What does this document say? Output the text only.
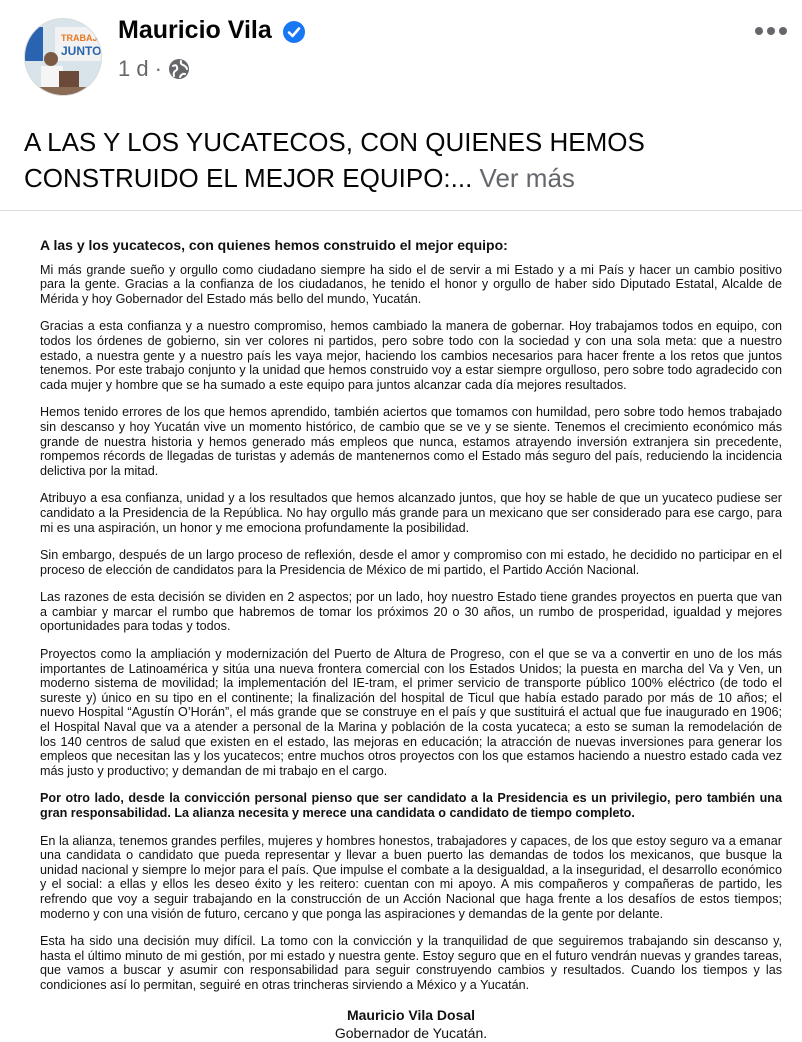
TRABAJ
JUNTO
Mauricio Vila
1 d ·
A LAS Y LOS YUCATECOS, CON QUIENES HEMOS CONSTRUIDO EL MEJOR EQUIPO:... Ver más
A las y los yucatecos, con quienes hemos construido el mejor equipo:

Mi más grande sueño y orgullo como ciudadano siempre ha sido el de servir a mi Estado y a mi País y hacer un cambio positivo para la gente. Gracias a la confianza de los ciudadanos, he tenido el honor y orgullo de haber sido Diputado Estatal, Alcalde de Mérida y hoy Gobernador del Estado más bello del mundo, Yucatán.

Gracias a esta confianza y a nuestro compromiso, hemos cambiado la manera de gobernar. Hoy trabajamos todos en equipo, con todos los órdenes de gobierno, sin ver colores ni partidos, pero sobre todo con la sociedad y con una sola meta: que a nuestro estado, a nuestra gente y a nuestro país les vaya mejor, haciendo los cambios necesarios para hacer frente a los retos que juntos tenemos. Por este trabajo conjunto y la unidad que hemos construido voy a estar siempre orgulloso, pero sobre todo agradecido con cada mujer y hombre que se ha sumado a este equipo para juntos alcanzar cada día mejores resultados.

Hemos tenido errores de los que hemos aprendido, también aciertos que tomamos con humildad, pero sobre todo hemos trabajado sin descanso y hoy Yucatán vive un momento histórico, de cambio que se ve y se siente. Tenemos el crecimiento económico más grande de nuestra historia y hemos generado más empleos que nunca, estamos atrayendo inversión extranjera sin precedente, rompemos récords de llegadas de turistas y además de mantenernos como el Estado más seguro del país, reduciendo la incidencia delictiva por la mitad.

Atribuyo a esa confianza, unidad y a los resultados que hemos alcanzado juntos, que hoy se hable de que un yucateco pudiese ser candidato a la Presidencia de la República. No hay orgullo más grande para un mexicano que ser considerado para ese cargo, para mi es una aspiración, un honor y me emociona profundamente la posibilidad.

Sin embargo, después de un largo proceso de reflexión, desde el amor y compromiso con mi estado, he decidido no participar en el proceso de elección de candidatos para la Presidencia de México de mi partido, el Partido Acción Nacional.

Las razones de esta decisión se dividen en 2 aspectos; por un lado, hoy nuestro Estado tiene grandes proyectos en puerta que van a cambiar y marcar el rumbo que habremos de tomar los próximos 20 o 30 años, un rumbo de prosperidad, igualdad y mejores oportunidades para todas y todos.

Proyectos como la ampliación y modernización del Puerto de Altura de Progreso, con el que se va a convertir en uno de los más importantes de Latinoamérica y sitúa una nueva frontera comercial con los Estados Unidos; la puesta en marcha del Va y Ven, un moderno sistema de movilidad; la implementación del IE-tram, el primer servicio de transporte público 100% eléctrico (de todo el sureste y) único en su tipo en el continente; la finalización del hospital de Ticul que había estado parado por más de 10 años; el nuevo Hospital “Agustín O’Horán”, el más grande que se construye en el país y que sustituirá el actual que fue inaugurado en 1906; el Hospital Naval que va a atender a personal de la Marina y población de la costa yucateca; a esto se suman la remodelación de los 140 centros de salud que existen en el estado, las mejoras en educación; la atracción de nuevas inversiones para generar los empleos que necesitan las y los yucatecos; entre muchos otros proyectos con los que estamos haciendo a nuestro estado cada vez más justo y productivo; y demandan de mi trabajo en el cargo.

Por otro lado, desde la convicción personal pienso que ser candidato a la Presidencia es un privilegio, pero también una gran responsabilidad. La alianza necesita y merece una candidata o candidato de tiempo completo.

En la alianza, tenemos grandes perfiles, mujeres y hombres honestos, trabajadores y capaces, de los que estoy seguro va a emanar una candidata o candidato que pueda representar y llevar a buen puerto las demandas de todos los mexicanos, que busque la unidad nacional y siempre lo mejor para el país. Que impulse el combate a la desigualdad, a la inseguridad, el desarrollo económico y el social: a ellas y ellos les deseo éxito y les reitero: cuentan con mi apoyo. A mis compañeros y compañeras de partido, les refrendo que voy a seguir trabajando en la construcción de un Acción Nacional que haga frente a los desafíos de estos tiempos; moderno y con una visión de futuro, cercano y que ponga las aspiraciones y demandas de la gente por delante.

Esta ha sido una decisión muy difícil. La tomo con la convicción y la tranquilidad de que seguiremos trabajando sin descanso y, hasta el último minuto de mi gestión, por mi estado y nuestra gente. Estoy seguro que en el futuro vendrán nuevas y grandes tareas, que vamos a buscar y asumir con responsabilidad para seguir construyendo cambios y resultados. Cuando los tiempos y las condiciones así lo permitan, seguiré en otras trincheras sirviendo a México y a Yucatán.

Mauricio Vila Dosal
Gobernador de Yucatán.
